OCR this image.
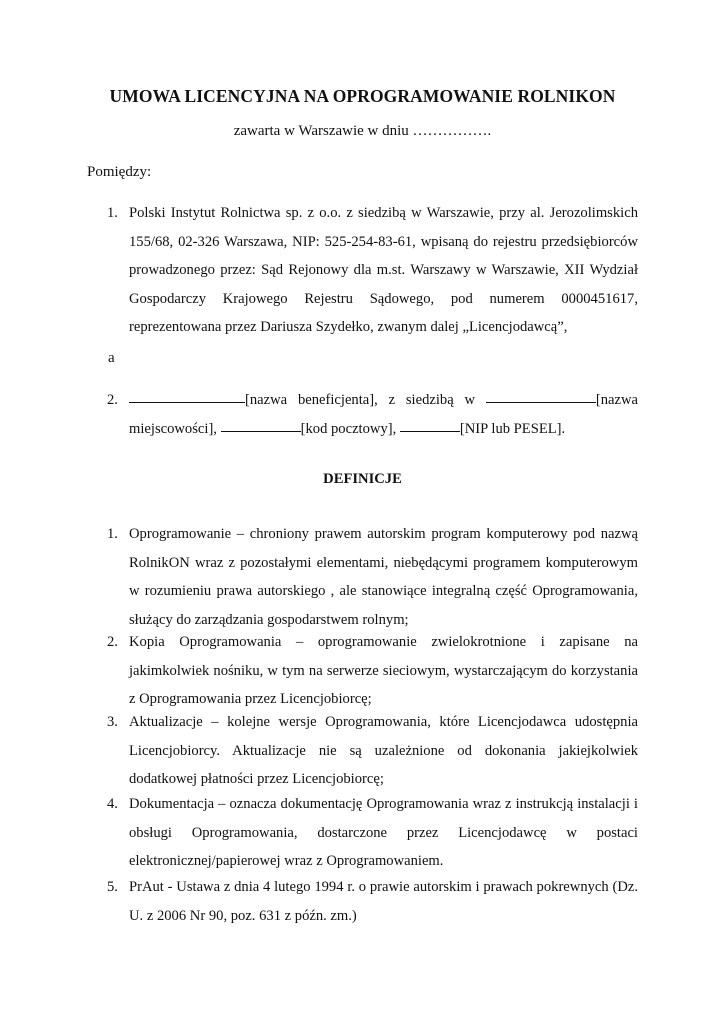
UMOWA LICENCYJNA NA OPROGRAMOWANIE ROLNIKON

zawarta w Warszawie w dniu …………….

Pomiędzy:

1. Polski Instytut Rolnictwa sp. z o.o. z siedzibą w Warszawie, przy al. Jerozolimskich 155/68, 02-326 Warszawa, NIP: 525-254-83-61, wpisaną do rejestru przedsiębiorców prowadzonego przez: Sąd Rejonowy dla m.st. Warszawy w Warszawie, XII Wydział Gospodarczy Krajowego Rejestru Sądowego, pod numerem 0000451617, reprezentowana przez Dariusza Szydełko, zwanym dalej „Licencjodawcą”,
a
2.	[nazwa beneficjenta], z siedzibą w	[nazwa miejscowości],	[kod pocztowy],	[NIP lub PESEL].
DEFINICJE
1. Oprogramowanie – chroniony prawem autorskim program komputerowy pod nazwą RolnikON wraz z pozostałymi elementami, niebędącymi programem komputerowym w rozumieniu prawa autorskiego , ale stanowiące integralną część Oprogramowania, służący do zarządzania gospodarstwem rolnym;
2. Kopia Oprogramowania – oprogramowanie zwielokrotnione i zapisane na jakimkolwiek nośniku, w tym na serwerze sieciowym, wystarczającym do korzystania z Oprogramowania przez Licencjobiorcę;
3. Aktualizacje – kolejne wersje Oprogramowania, które Licencjodawca udostępnia Licencjobiorcy. Aktualizacje nie są uzależnione od dokonania jakiejkolwiek dodatkowej płatności przez Licencjobiorcę;
4. Dokumentacja – oznacza dokumentację Oprogramowania wraz z instrukcją instalacji i obsługi Oprogramowania, dostarczone przez Licencjodawcę w postaci elektronicznej/papierowej wraz z Oprogramowaniem.
5. PrAut - Ustawa z dnia 4 lutego 1994 r. o prawie autorskim i prawach pokrewnych (Dz. U. z 2006 Nr 90, poz. 631 z późn. zm.)
